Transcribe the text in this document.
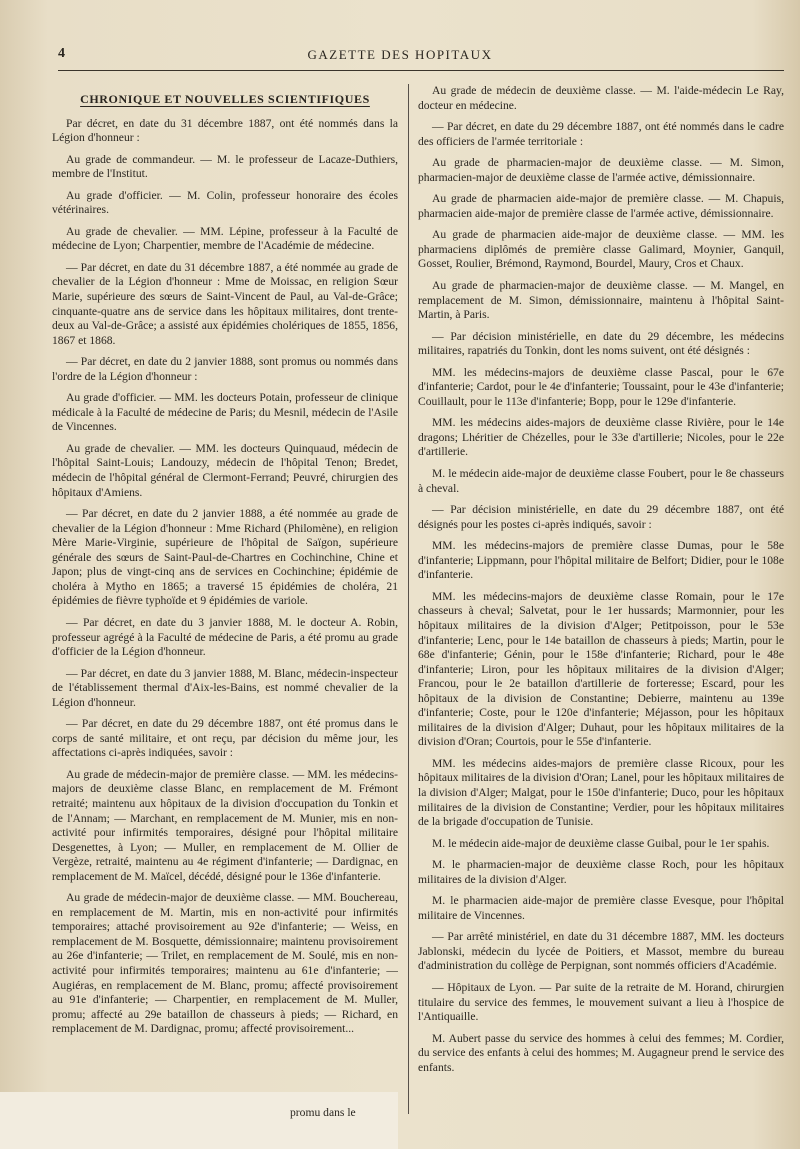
4	GAZETTE DES HOPITAUX
CHRONIQUE ET NOUVELLES SCIENTIFIQUES

Par décret, en date du 31 décembre 1887, ont été nommés dans la Légion d'honneur :

Au grade de commandeur. — M. le professeur de Lacaze-Duthiers, membre de l'Institut.

Au grade d'officier. — M. Colin, professeur honoraire des écoles vétérinaires.

Au grade de chevalier. — MM. Lépine, professeur à la Faculté de médecine de Lyon; Charpentier, membre de l'Académie de médecine.

— Par décret, en date du 31 décembre 1887, a été nommée au grade de chevalier de la Légion d'honneur : Mme de Moissac, en religion Sœur Marie, supérieure des sœurs de Saint-Vincent de Paul, au Val-de-Grâce; cinquante-quatre ans de service dans les hôpitaux militaires, dont trente-deux au Val-de-Grâce; a assisté aux épidémies cholériques de 1855, 1856, 1867 et 1868.

— Par décret, en date du 2 janvier 1888, sont promus ou nommés dans l'ordre de la Légion d'honneur :

Au grade d'officier. — MM. les docteurs Potain, professeur de clinique médicale à la Faculté de médecine de Paris; du Mesnil, médecin de l'Asile de Vincennes.

Au grade de chevalier. — MM. les docteurs Quinquaud, médecin de l'hôpital Saint-Louis; Landouzy, médecin de l'hôpital Tenon; Bredet, médecin de l'hôpital général de Clermont-Ferrand; Peuvré, chirurgien des hôpitaux d'Amiens.

— Par décret, en date du 2 janvier 1888, a été nommée au grade de chevalier de la Légion d'honneur : Mme Richard (Philomène), en religion Mère Marie-Virginie, supérieure de l'hôpital de Saïgon, supérieure générale des sœurs de Saint-Paul-de-Chartres en Cochinchine, Chine et Japon; plus de vingt-cinq ans de services en Cochinchine; épidémie de choléra à Mytho en 1865; a traversé 15 épidémies de choléra, 21 épidémies de fièvre typhoïde et 9 épidémies de variole.

— Par décret, en date du 3 janvier 1888, M. le docteur A. Robin, professeur agrégé à la Faculté de médecine de Paris, a été promu au grade d'officier de la Légion d'honneur.

— Par décret, en date du 3 janvier 1888, M. Blanc, médecin-inspecteur de l'établissement thermal d'Aix-les-Bains, est nommé chevalier de la Légion d'honneur.

— Par décret, en date du 29 décembre 1887, ont été promus dans le corps de santé militaire, et ont reçu, par décision du même jour, les affectations ci-après indiquées, savoir :

Au grade de médecin-major de première classe. — MM. les médecins-majors de deuxième classe Blanc, en remplacement de M. Frémont retraité; maintenu aux hôpitaux de la division d'occupation du Tonkin et de l'Annam; — Marchant, en remplacement de M. Munier, mis en non-activité pour infirmités temporaires, désigné pour l'hôpital militaire Desgenettes, à Lyon; — Muller, en remplacement de M. Ollier de Vergèze, retraité, maintenu au 4e régiment d'infanterie; — Dardignac, en remplacement de M. Maïcel, décédé, désigné pour le 136e d'infanterie.

Au grade de médecin-major de deuxième classe. — MM. Bouchereau, en remplacement de M. Martin, mis en non-activité pour infirmités temporaires; attaché provisoirement au 92e d'infanterie; — Weiss, en remplacement de M. Bosquette, démissionnaire; maintenu provisoirement au 26e d'infanterie; — Trilet, en remplacement de M. Soulé, mis en non-activité pour infirmités temporaires; maintenu au 61e d'infanterie; — Augiéras, en remplacement de M. Blanc, promu; affecté provisoirement au 91e d'infanterie; — Charpentier, en remplacement de M. Muller, promu; affecté au 29e bataillon de chasseurs à pieds; — Richard, en remplacement de M. Dardignac, promu; affecté provisoirement...

Au grade de médecin de deuxième classe. — M. l'aide-médecin Le Ray, docteur en médecine.

— Par décret, en date du 29 décembre 1887, ont été nommés dans le cadre des officiers de l'armée territoriale :

Au grade de pharmacien-major de deuxième classe. — M. Simon, pharmacien-major de deuxième classe de l'armée active, démissionnaire.

Au grade de pharmacien aide-major de première classe. — M. Chapuis, pharmacien aide-major de première classe de l'armée active, démissionnaire.

Au grade de pharmacien aide-major de deuxième classe. — MM. les pharmaciens diplômés de première classe Galimard, Moynier, Ganquil, Gosset, Roulier, Brémond, Raymond, Bourdel, Maury, Cros et Chaux.

Au grade de pharmacien-major de deuxième classe. — M. Mangel, en remplacement de M. Simon, démissionnaire, maintenu à l'hôpital Saint-Martin, à Paris.

— Par décision ministérielle, en date du 29 décembre, les médecins militaires, rapatriés du Tonkin, dont les noms suivent, ont été désignés :

MM. les médecins-majors de deuxième classe Pascal, pour le 67e d'infanterie; Cardot, pour le 4e d'infanterie; Toussaint, pour le 43e d'infanterie; Couillault, pour le 113e d'infanterie; Bopp, pour le 129e d'infanterie.

MM. les médecins aides-majors de deuxième classe Rivière, pour le 14e dragons; Lhéritier de Chézelles, pour le 33e d'artillerie; Nicoles, pour le 22e d'artillerie.

M. le médecin aide-major de deuxième classe Foubert, pour le 8e chasseurs à cheval.

— Par décision ministérielle, en date du 29 décembre 1887, ont été désignés pour les postes ci-après indiqués, savoir :

MM. les médecins-majors de première classe Dumas, pour le 58e d'infanterie; Lippmann, pour l'hôpital militaire de Belfort; Didier, pour le 108e d'infanterie.

MM. les médecins-majors de deuxième classe Romain, pour le 17e chasseurs à cheval; Salvetat, pour le 1er hussards; Marmonnier, pour les hôpitaux militaires de la division d'Alger; Petitpoisson, pour le 53e d'infanterie; Lenc, pour le 14e bataillon de chasseurs à pieds; Martin, pour le 68e d'infanterie; Génin, pour le 158e d'infanterie; Richard, pour le 48e d'infanterie; Liron, pour les hôpitaux militaires de la division d'Alger; Francou, pour le 2e bataillon d'artillerie de forteresse; Escard, pour les hôpitaux de la division de Constantine; Debierre, maintenu au 139e d'infanterie; Coste, pour le 120e d'infanterie; Méjasson, pour les hôpitaux militaires de la division d'Alger; Duhaut, pour les hôpitaux militaires de la division d'Oran; Courtois, pour le 55e d'infanterie.

MM. les médecins aides-majors de première classe Ricoux, pour les hôpitaux militaires de la division d'Oran; Lanel, pour les hôpitaux militaires de la division d'Alger; Malgat, pour le 150e d'infanterie; Duco, pour les hôpitaux militaires de la division de Constantine; Verdier, pour les hôpitaux militaires de la brigade d'occupation de Tunisie.

M. le médecin aide-major de deuxième classe Guibal, pour le 1er spahis.

M. le pharmacien-major de deuxième classe Roch, pour les hôpitaux militaires de la division d'Alger.

M. le pharmacien aide-major de première classe Evesque, pour l'hôpital militaire de Vincennes.

— Par arrêté ministériel, en date du 31 décembre 1887, MM. les docteurs Jablonski, médecin du lycée de Poitiers, et Massot, membre du bureau d'administration du collège de Perpignan, sont nommés officiers d'Académie.

— Hôpitaux de Lyon. — Par suite de la retraite de M. Horand, chirurgien titulaire du service des femmes, le mouvement suivant a lieu à l'hospice de l'Antiquaille.

M. Aubert passe du service des hommes à celui des femmes; M. Cordier, du service des enfants à celui des hommes; M. Augagneur prend le service des enfants.

promu dans le
